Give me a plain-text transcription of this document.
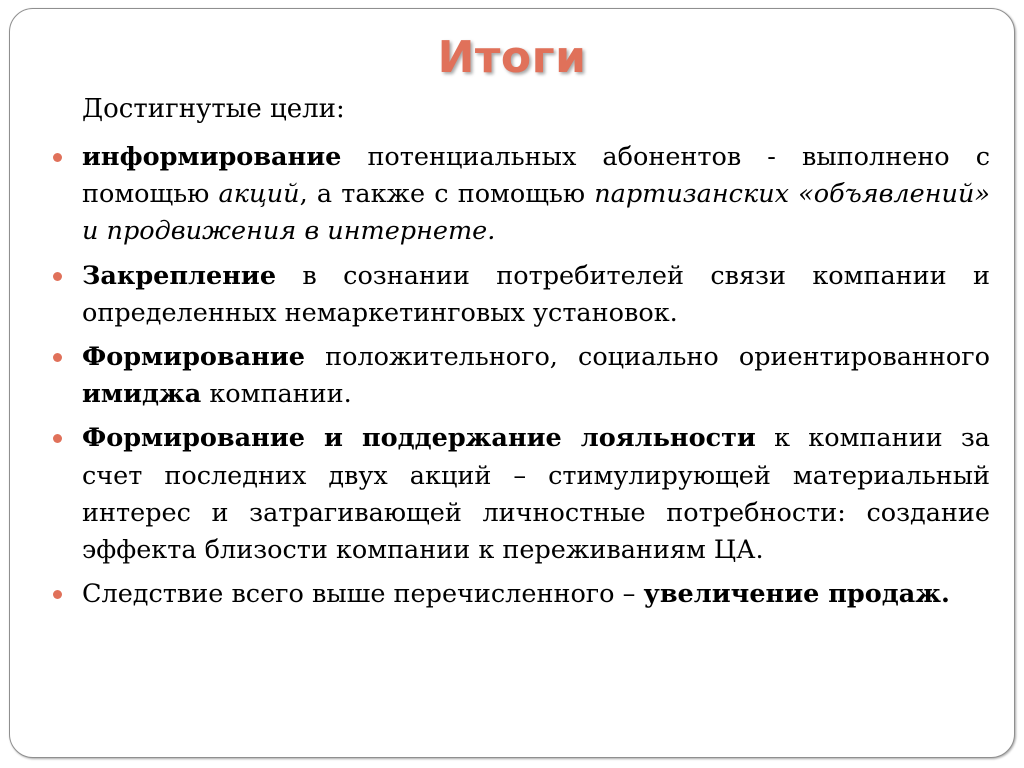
Итоги
Достигнутые цели:
информирование потенциальных абонентов - выполнено с помощью акций, а также с помощью партизанских «объявлений» и продвижения в интернете.
Закрепление в сознании потребителей связи компании и определенных немаркетинговых установок.
Формирование положительного, социально ориентированного имиджа компании.
Формирование и поддержание лояльности к компании за счет последних двух акций – стимулирующей материальный интерес и затрагивающей личностные потребности: создание эффекта близости компании к переживаниям ЦА.
Следствие всего выше перечисленного – увеличение продаж.
